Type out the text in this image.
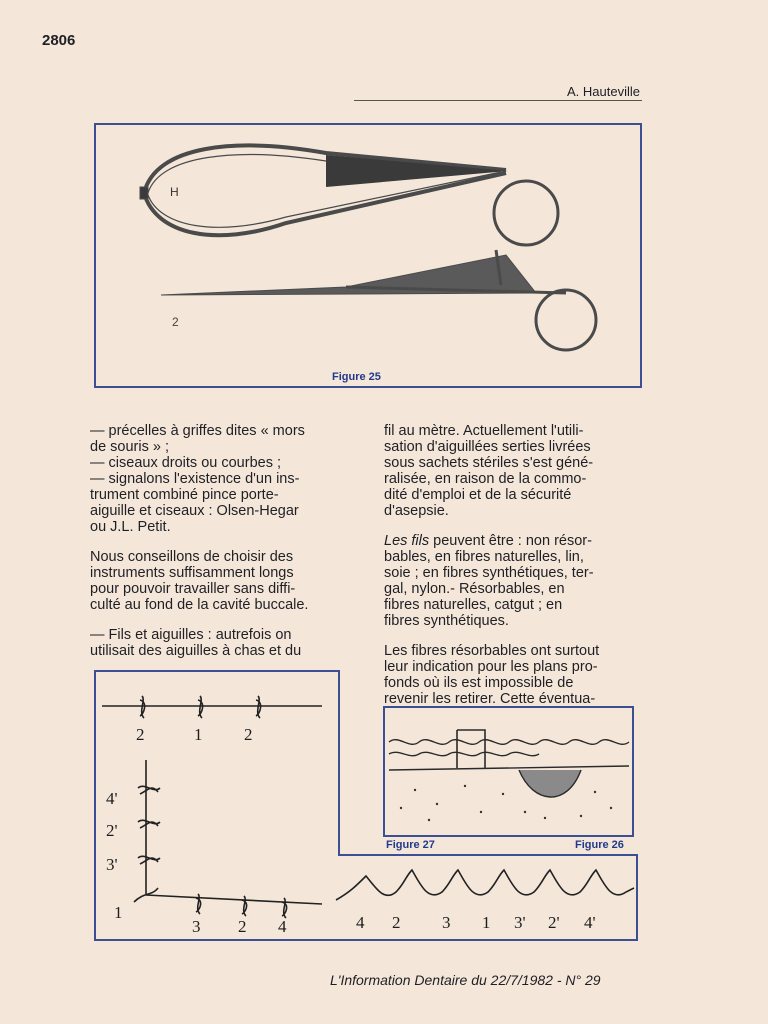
2806
A. Hauteville
H
2
Figure 25

— précelles à griffes dites « mors
de souris » ;
— ciseaux droits ou courbes ;
— signalons l'existence d'un ins-
trument combiné pince porte-
aiguille et ciseaux : Olsen-Hegar
ou J.L. Petit.

Nous conseillons de choisir des
instruments suffisamment longs
pour pouvoir travailler sans diffi-
culté au fond de la cavité buccale.

— Fils et aiguilles : autrefois on
utilisait des aiguilles à chas et du

fil au mètre. Actuellement l'utili-
sation d'aiguillées serties livrées
sous sachets stériles s'est géné-
ralisée, en raison de la commo-
dité d'emploi et de la sécurité
d'asepsie.

Les fils peuvent être : non résor-
bables, en fibres naturelles, lin,
soie ; en fibres synthétiques, ter-
gal, nylon.- Résorbables, en
fibres naturelles, catgut ; en
fibres synthétiques.

Les fibres résorbables ont surtout
leur indication pour les plans pro-
fonds où ils est impossible de
revenir les retirer. Cette éventua-

2	1 2
4'
2'
3'
1
3 2 4	4 2 3 1 3' 2' 4'
Figure 27	Figure 26
L'Information Dentaire du 22/7/1982 - N° 29
